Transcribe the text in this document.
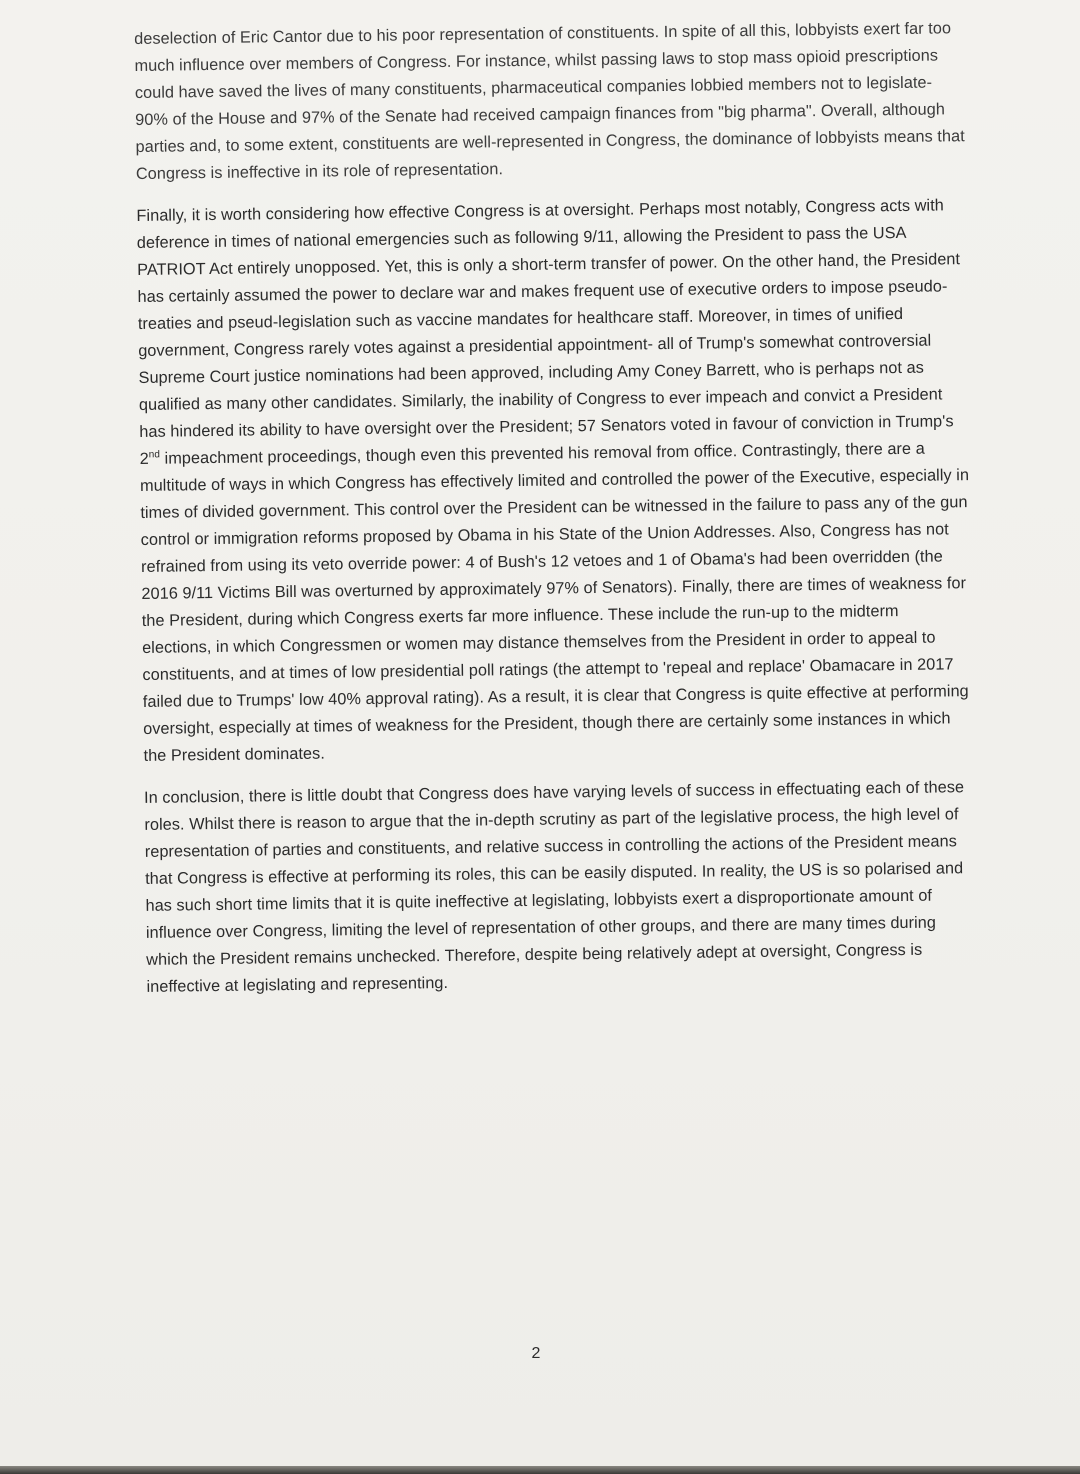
deselection of Eric Cantor due to his poor representation of constituents. In spite of all this, lobbyists exert far too much influence over members of Congress. For instance, whilst passing laws to stop mass opioid prescriptions could have saved the lives of many constituents, pharmaceutical companies lobbied members not to legislate- 90% of the House and 97% of the Senate had received campaign finances from "big pharma". Overall, although parties and, to some extent, constituents are well-represented in Congress, the dominance of lobbyists means that Congress is ineffective in its role of representation.

Finally, it is worth considering how effective Congress is at oversight. Perhaps most notably, Congress acts with deference in times of national emergencies such as following 9/11, allowing the President to pass the USA PATRIOT Act entirely unopposed. Yet, this is only a short-term transfer of power. On the other hand, the President has certainly assumed the power to declare war and makes frequent use of executive orders to impose pseudo-treaties and pseud-legislation such as vaccine mandates for healthcare staff. Moreover, in times of unified government, Congress rarely votes against a presidential appointment- all of Trump's somewhat controversial Supreme Court justice nominations had been approved, including Amy Coney Barrett, who is perhaps not as qualified as many other candidates. Similarly, the inability of Congress to ever impeach and convict a President has hindered its ability to have oversight over the President; 57 Senators voted in favour of conviction in Trump's 2nd impeachment proceedings, though even this prevented his removal from office. Contrastingly, there are a multitude of ways in which Congress has effectively limited and controlled the power of the Executive, especially in times of divided government. This control over the President can be witnessed in the failure to pass any of the gun control or immigration reforms proposed by Obama in his State of the Union Addresses. Also, Congress has not refrained from using its veto override power: 4 of Bush's 12 vetoes and 1 of Obama's had been overridden (the 2016 9/11 Victims Bill was overturned by approximately 97% of Senators). Finally, there are times of weakness for the President, during which Congress exerts far more influence. These include the run-up to the midterm elections, in which Congressmen or women may distance themselves from the President in order to appeal to constituents, and at times of low presidential poll ratings (the attempt to 'repeal and replace' Obamacare in 2017 failed due to Trumps' low 40% approval rating). As a result, it is clear that Congress is quite effective at performing oversight, especially at times of weakness for the President, though there are certainly some instances in which the President dominates.

In conclusion, there is little doubt that Congress does have varying levels of success in effectuating each of these roles. Whilst there is reason to argue that the in-depth scrutiny as part of the legislative process, the high level of representation of parties and constituents, and relative success in controlling the actions of the President means that Congress is effective at performing its roles, this can be easily disputed. In reality, the US is so polarised and has such short time limits that it is quite ineffective at legislating, lobbyists exert a disproportionate amount of influence over Congress, limiting the level of representation of other groups, and there are many times during which the President remains unchecked. Therefore, despite being relatively adept at oversight, Congress is ineffective at legislating and representing.

2
